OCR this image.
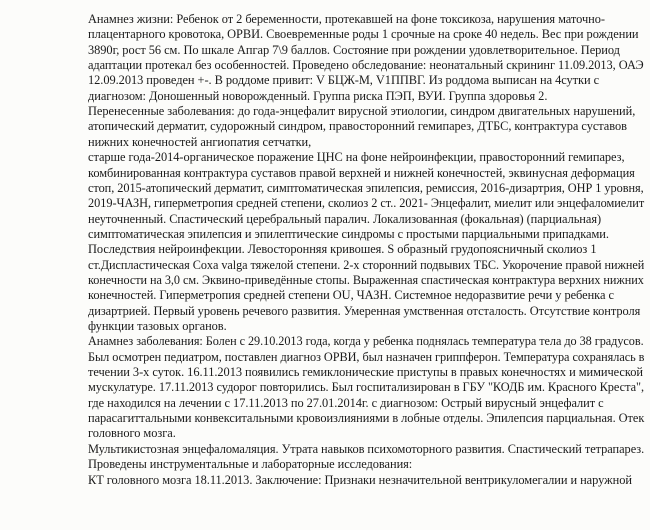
Анамнез жизни: Ребенок от 2 беременности, протекавшей на фоне токсикоза, нарушения маточно-
плацентарного кровотока, ОРВИ. Своевременные роды 1 срочные на сроке 40 недель. Вес при рождении
3890г, рост 56 см. По шкале Апгар 7\9 баллов. Состояние при рождении удовлетворительное. Период
адаптации протекал без особенностей. Проведено обследование: неонатальный скрининг 11.09.2013, ОАЭ
12.09.2013 проведен +-. В роддоме привит: V БЦЖ-М, V1ППВГ. Из роддома выписан на 4сутки с
диагнозом: Доношенный новорожденный. Группа риска ПЭП, ВУИ. Группа здоровья 2.
Перенесенные заболевания: до года-энцефалит вирусной этиологии, синдром двигательных нарушений,
атопический дерматит, судорожный синдром, правосторонний гемипарез, ДТБС, контрактура суставов
нижних конечностей ангиопатия сетчатки,
старше года-2014-органическое поражение ЦНС на фоне нейроинфекции, правосторонний гемипарез,
комбинированная контрактура суставов правой верхней и нижней конечностей, эквинусная деформация
стоп, 2015-атопический дерматит, симптоматическая эпилепсия, ремиссия, 2016-дизартрия, ОНР 1 уровня,
2019-ЧАЗН, гиперметропия средней степени, сколиоз 2 ст.. 2021- Энцефалит, миелит или энцефаломиелит
неуточненный. Спастический церебральный паралич. Локализованная (фокальная) (парциальная)
симптоматическая эпилепсия и эпилептические синдромы с простыми парциальными припадками.
Последствия нейроинфекции. Левосторонняя кривошея. S образный грудопоясничный сколиоз 1
ст.Диспластическая Coxa valga тяжелой степени. 2-х сторонний подвывих ТБС. Укорочение правой нижней
конечности на 3,0 см. Эквино-приведённые стопы. Выраженная спастическая контрактура верхних нижних
конечностей. Гиперметропия средней степени OU, ЧАЗН. Системное недоразвитие речи у ребенка с
дизартрией. Первый уровень речевого развития. Умеренная умственная отсталость. Отсутствие контроля
функции тазовых органов.
Анамнез заболевания: Болен с 29.10.2013 года, когда у ребенка поднялась температура тела до 38 градусов.
Был осмотрен педиатром, поставлен диагноз ОРВИ, был назначен гриппферон. Температура сохранялась в
течении 3-х суток. 16.11.2013 появились гемиклонические приступы в правых конечностях и мимической
мускулатуре. 17.11.2013 судорог повторились. Был госпитализирован в ГБУ "КОДБ им. Красного Креста",
где находился на лечении с 17.11.2013 по 27.01.2014г. с диагнозом: Острый вирусный энцефалит с
парасагиттальными конвекситальными кровоизлияниями в лобные отделы. Эпилепсия парциальная. Отек
головного мозга.
Мультикистозная энцефаломаляция. Утрата навыков психомоторного развития. Спастический тетрапарез.
Проведены инструментальные и лабораторные исследования:
КТ головного мозга 18.11.2013. Заключение: Признаки незначительной вентрикуломегалии и наружной
